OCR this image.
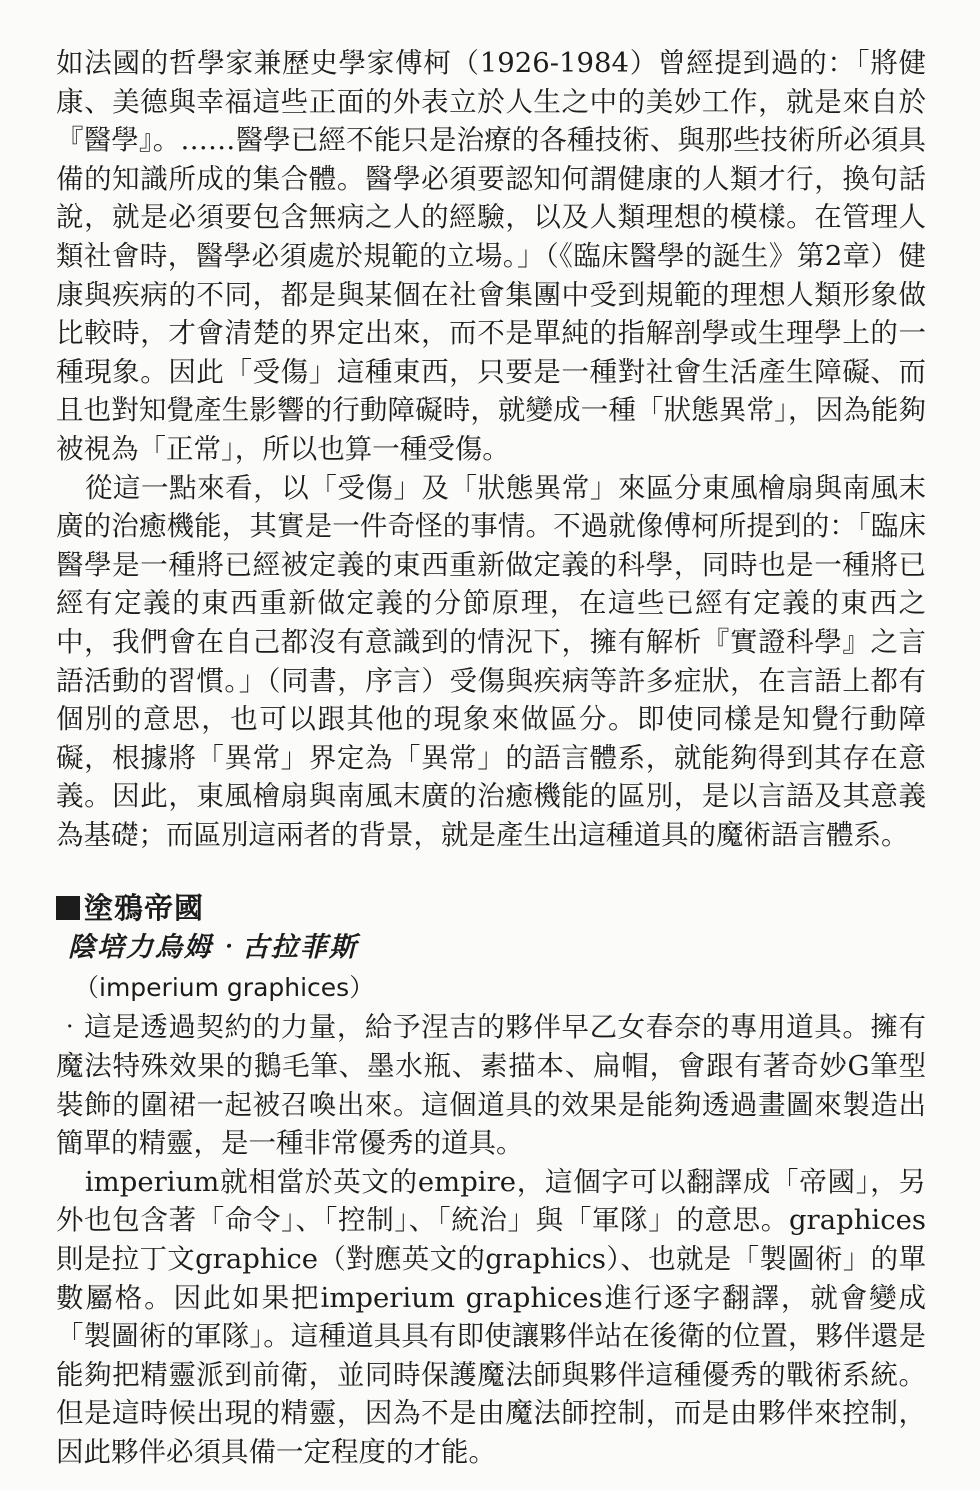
如法國的哲學家兼歷史學家傅柯（1926-1984）曾經提到過的：「將健康、美德與幸福這些正面的外表立於人生之中的美妙工作，就是來自於『醫學』。……醫學已經不能只是治療的各種技術、與那些技術所必須具備的知識所成的集合體。醫學必須要認知何謂健康的人類才行，換句話說，就是必須要包含無病之人的經驗，以及人類理想的模樣。在管理人類社會時，醫學必須處於規範的立場。」（《臨床醫學的誕生》第2章）健康與疾病的不同，都是與某個在社會集團中受到規範的理想人類形象做比較時，才會清楚的界定出來，而不是單純的指解剖學或生理學上的一種現象。因此「受傷」這種東西，只要是一種對社會生活產生障礙、而且也對知覺產生影響的行動障礙時，就變成一種「狀態異常」，因為能夠被視為「正常」，所以也算一種受傷。

從這一點來看，以「受傷」及「狀態異常」來區分東風檜扇與南風末廣的治癒機能，其實是一件奇怪的事情。不過就像傅柯所提到的：「臨床醫學是一種將已經被定義的東西重新做定義的科學，同時也是一種將已經有定義的東西重新做定義的分節原理，在這些已經有定義的東西之中，我們會在自己都沒有意識到的情況下，擁有解析『實證科學』之言語活動的習慣。」（同書，序言）受傷與疾病等許多症狀，在言語上都有個別的意思，也可以跟其他的現象來做區分。即使同樣是知覺行動障礙，根據將「異常」界定為「異常」的語言體系，就能夠得到其存在意義。因此，東風檜扇與南風末廣的治癒機能的區別，是以言語及其意義為基礎；而區別這兩者的背景，就是產生出這種道具的魔術語言體系。

塗鴉帝國

陰培力烏姆‧古拉菲斯

（imperium graphices）

‧這是透過契約的力量，給予涅吉的夥伴早乙女春奈的專用道具。擁有魔法特殊效果的鵝毛筆、墨水瓶、素描本、扁帽，會跟有著奇妙G筆型裝飾的圍裙一起被召喚出來。這個道具的效果是能夠透過畫圖來製造出簡單的精靈，是一種非常優秀的道具。

imperium就相當於英文的empire，這個字可以翻譯成「帝國」，另外也包含著「命令」、「控制」、「統治」與「軍隊」的意思。graphices則是拉丁文graphice（對應英文的graphics）、也就是「製圖術」的單數屬格。因此如果把imperium graphices進行逐字翻譯，就會變成「製圖術的軍隊」。這種道具具有即使讓夥伴站在後衛的位置，夥伴還是能夠把精靈派到前衛，並同時保護魔法師與夥伴這種優秀的戰術系統。但是這時候出現的精靈，因為不是由魔法師控制，而是由夥伴來控制，因此夥伴必須具備一定程度的才能。
